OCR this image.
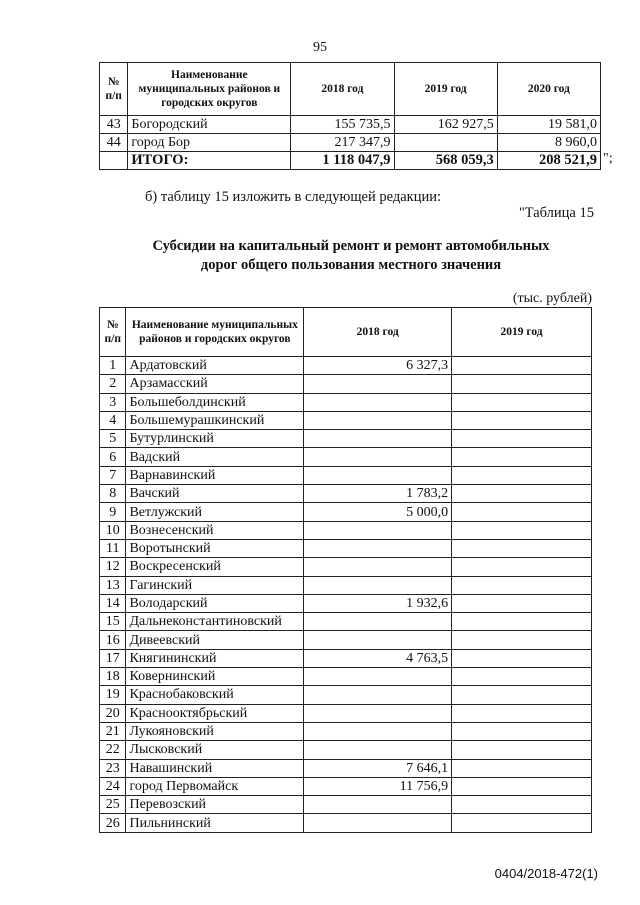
95
№ п/п	Наименование муниципальных районов и городских округов	2018 год	2019 год	2020 год
43	Богородский	155 735,5	162 927,5	19 581,0
44	город Бор	217 347,9		8 960,0
	ИТОГО:	1 118 047,9	568 059,3	208 521,9 ";
б) таблицу 15 изложить в следующей редакции:
"Таблица 15
Субсидии на капитальный ремонт и ремонт автомобильных
дорог общего пользования местного значения
(тыс. рублей)
№ п/п	Наименование муниципальных районов и городских округов	2018 год	2019 год
1	Ардатовский	6 327,3	
2	Арзамасский		
3	Большеболдинский		
4	Большемурашкинский		
5	Бутурлинский		
6	Вадский		
7	Варнавинский		
8	Вачский	1 783,2	
9	Ветлужский	5 000,0	
10	Вознесенский		
11	Воротынский		
12	Воскресенский		
13	Гагинский		
14	Володарский	1 932,6	
15	Дальнеконстантиновский		
16	Дивеевский		
17	Княгининский	4 763,5	
18	Ковернинский		
19	Краснобаковский		
20	Краснооктябрьский		
21	Лукояновский		
22	Лысковский		
23	Навашинский	7 646,1	
24	город Первомайск	11 756,9	
25	Перевозский		
26	Пильнинский		
0404/2018-472(1)
